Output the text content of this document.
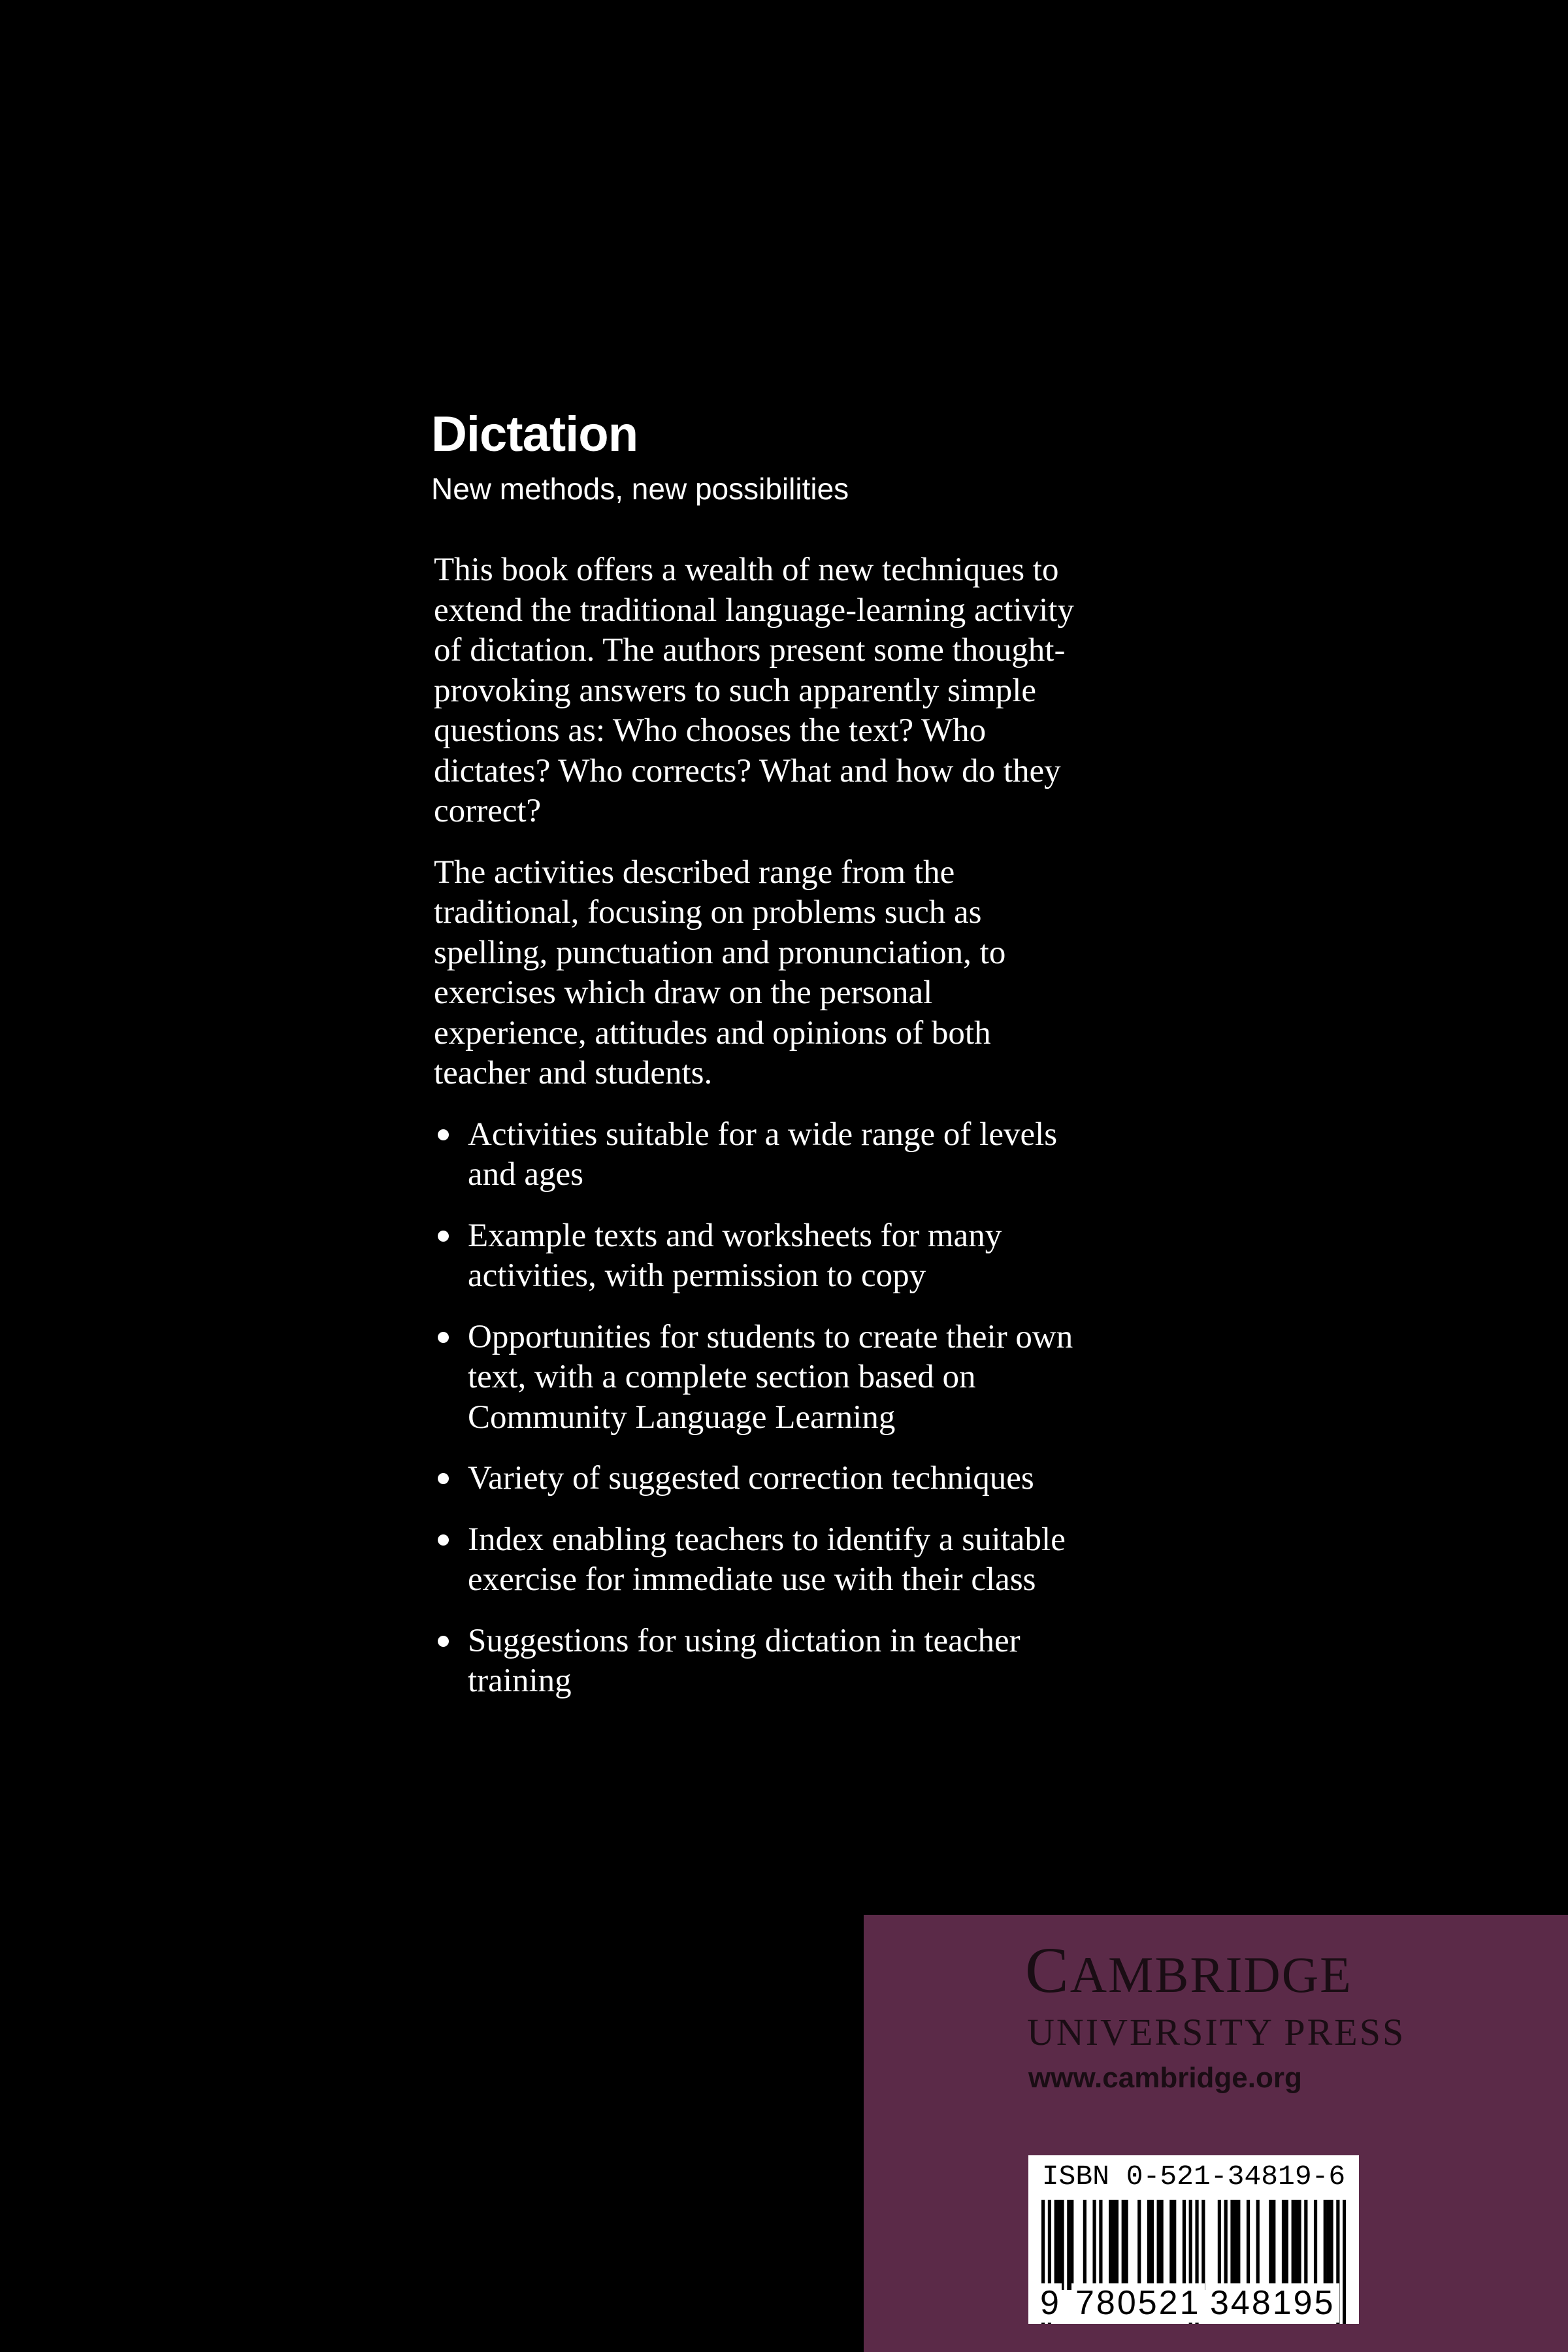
Dictation

New methods, new possibilities

This book offers a wealth of new techniques to
extend the traditional language-learning activity
of dictation. The authors present some thought-
provoking answers to such apparently simple
questions as: Who chooses the text? Who
dictates? Who corrects? What and how do they
correct?

The activities described range from the
traditional, focusing on problems such as
spelling, punctuation and pronunciation, to
exercises which draw on the personal
experience, attitudes and opinions of both
teacher and students.

Activities suitable for a wide range of levels
and ages
Example texts and worksheets for many
activities, with permission to copy
Opportunities for students to create their own
text, with a complete section based on
Community Language Learning
Variety of suggested correction techniques
Index enabling teachers to identify a suitable
exercise for immediate use with their class
Suggestions for using dictation in teacher
training

CAMBRIDGE

UNIVERSITY PRESS

www.cambridge.org

ISBN 0-521-34819-6

9 780521 348195
